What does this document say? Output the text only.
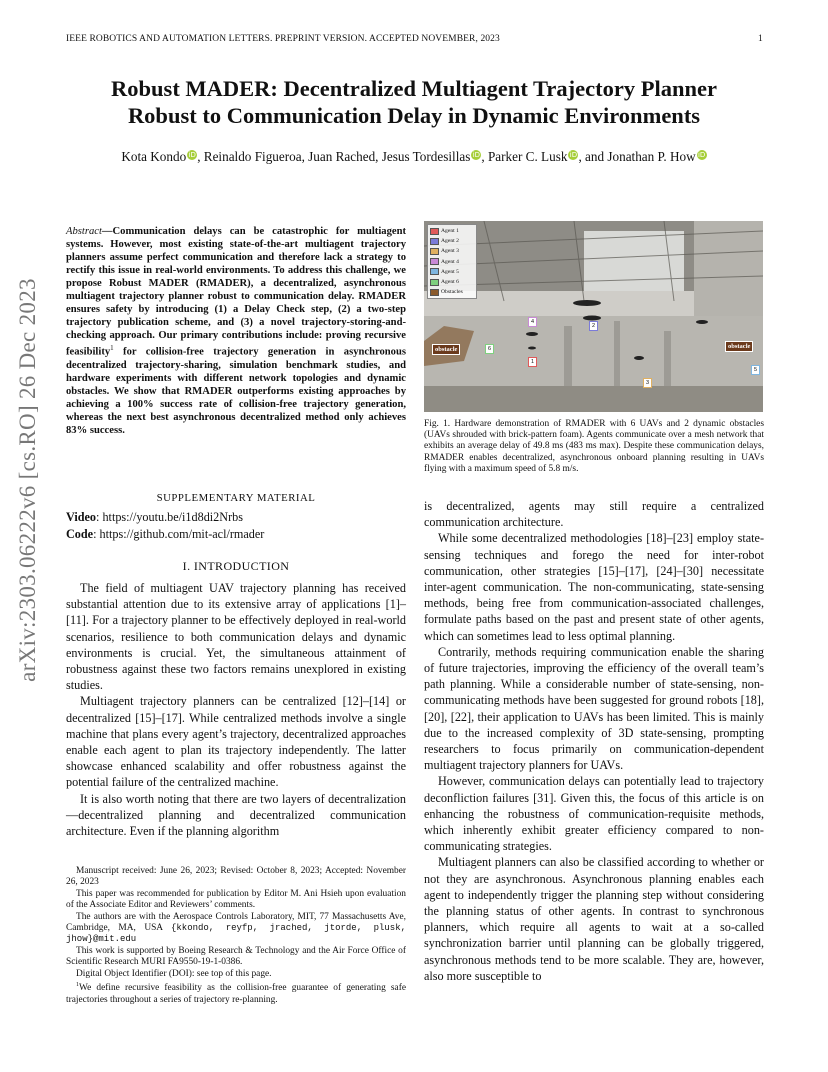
IEEE ROBOTICS AND AUTOMATION LETTERS. PREPRINT VERSION. ACCEPTED NOVEMBER, 2023	1
arXiv:2303.06222v6 [cs.RO] 26 Dec 2023
Robust MADER: Decentralized Multiagent Trajectory Planner
Robust to Communication Delay in Dynamic Environments
Kota Kondo iD, Reinaldo Figueroa, Juan Rached, Jesus Tordesillas iD, Parker C. Lusk iD, and Jonathan P. How iD
Abstract—Communication delays can be catastrophic for multiagent systems. However, most existing state-of-the-art multiagent trajectory planners assume perfect communication and therefore lack a strategy to rectify this issue in real-world environments. To address this challenge, we propose Robust MADER (RMADER), a decentralized, asynchronous multiagent trajectory planner robust to communication delay. RMADER ensures safety by introducing (1) a Delay Check step, (2) a two-step trajectory publication scheme, and (3) a novel trajectory-storing-and-checking approach. Our primary contributions include: proving recursive feasibility$^1$ for collision-free trajectory generation in asynchronous decentralized trajectory-sharing, simulation benchmark studies, and hardware experiments with different network topologies and dynamic obstacles. We show that RMADER outperforms existing approaches by achieving a 100% success rate of collision-free trajectory generation, whereas the next best asynchronous decentralized method only achieves 83% success.
SUPPLEMENTARY MATERIAL
Video: https://youtu.be/i1d8di2Nrbs
Code: https://github.com/mit-acl/rmader
I. INTRODUCTION

The field of multiagent UAV trajectory planning has received substantial attention due to its extensive array of applications [1]–[11]. For a trajectory planner to be effectively deployed in real-world scenarios, resilience to both communication delays and dynamic environments is crucial. Yet, the simultaneous attainment of robustness against these two factors remains unexplored in existing studies.

Multiagent trajectory planners can be centralized [12]–[14] or decentralized [15]–[17]. While centralized methods involve a single machine that plans every agent’s trajectory, decentralized approaches enable each agent to plan its trajectory independently. The latter showcase enhanced scalability and offer robustness against the potential failure of the centralized machine.

It is also worth noting that there are two layers of decentralization—decentralized planning and decentralized communication architecture. Even if the planning algorithm

Manuscript received: June 26, 2023; Revised: October 8, 2023; Accepted: November 26, 2023

This paper was recommended for publication by Editor M. Ani Hsieh upon evaluation of the Associate Editor and Reviewers’ comments.

The authors are with the Aerospace Controls Laboratory, MIT, 77 Massachusetts Ave, Cambridge, MA, USA {kkondo, reyfp, jrached, jtorde, plusk, jhow}@mit.edu

This work is supported by Boeing Research & Technology and the Air Force Office of Scientific Research MURI FA9550-19-1-0386.

Digital Object Identifier (DOI): see top of this page.

$^1$We define recursive feasibility as the collision-free guarantee of generating safe trajectories throughout a series of trajectory re-planning.

Agent 1
Agent 2
Agent 3
Agent 4
Agent 5
Agent 6
Obstacles
4
2
6
1
3
5
obstacle	obstacle
Fig. 1. Hardware demonstration of RMADER with 6 UAVs and 2 dynamic obstacles (UAVs shrouded with brick-pattern foam). Agents communicate over a mesh network that exhibits an average delay of 49.8 ms (483 ms max). Despite these communication delays, RMADER enables decentralized, asynchronous onboard planning resulting in UAVs flying with a maximum speed of 5.8 m/s.

is decentralized, agents may still require a centralized communication architecture.

While some decentralized methodologies [18]–[23] employ state-sensing techniques and forego the need for inter-robot communication, other strategies [15]–[17], [24]–[30] necessitate inter-agent communication. The non-communicating, state-sensing methods, being free from communication-associated challenges, formulate paths based on the past and present state of other agents, which can sometimes lead to less optimal planning.

Contrarily, methods requiring communication enable the sharing of future trajectories, improving the efficiency of the overall team’s path planning. While a considerable number of state-sensing, non-communicating methods have been suggested for ground robots [18], [20], [22], their application to UAVs has been limited. This is mainly due to the increased complexity of 3D state-sensing, prompting researchers to focus primarily on communication-dependent multiagent trajectory planners for UAVs.

However, communication delays can potentially lead to trajectory deconfliction failures [31]. Given this, the focus of this article is on enhancing the robustness of communication-requisite methods, which inherently exhibit greater efficiency compared to non-communicating strategies.

Multiagent planners can also be classified according to whether or not they are asynchronous. Asynchronous planning enables each agent to independently trigger the planning step without considering the planning status of other agents. In contrast to synchronous planners, which require all agents to wait at a so-called synchronization barrier until planning can be globally triggered, asynchronous methods tend to be more scalable. They are, however, also more susceptible to
